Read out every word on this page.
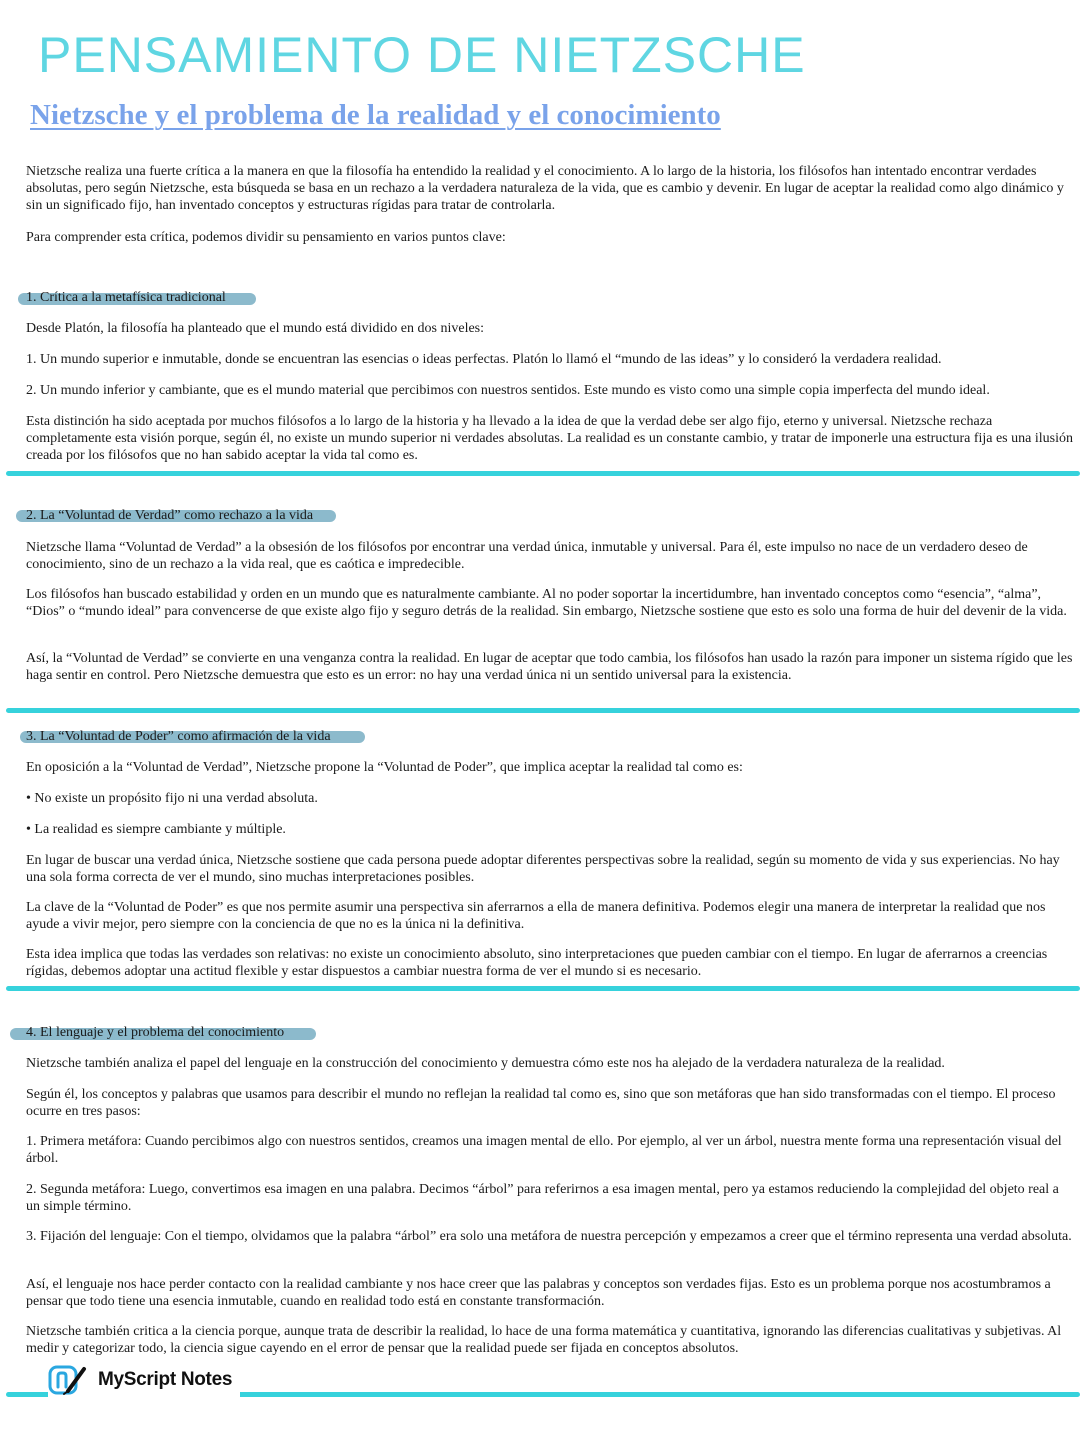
PENSAMIENTO DE NIETZSCHE
Nietzsche y el problema de la realidad y el conocimiento

Nietzsche realiza una fuerte crítica a la manera en que la filosofía ha entendido la realidad y el conocimiento. A lo largo de la historia, los filósofos han intentado encontrar verdades absolutas, pero según Nietzsche, esta búsqueda se basa en un rechazo a la verdadera naturaleza de la vida, que es cambio y devenir. En lugar de aceptar la realidad como algo dinámico y sin un significado fijo, han inventado conceptos y estructuras rígidas para tratar de controlarla.

Para comprender esta crítica, podemos dividir su pensamiento en varios puntos clave:

1. Crítica a la metafísica tradicional

Desde Platón, la filosofía ha planteado que el mundo está dividido en dos niveles:

1. Un mundo superior e inmutable, donde se encuentran las esencias o ideas perfectas. Platón lo llamó el “mundo de las ideas” y lo consideró la verdadera realidad.

2. Un mundo inferior y cambiante, que es el mundo material que percibimos con nuestros sentidos. Este mundo es visto como una simple copia imperfecta del mundo ideal.

Esta distinción ha sido aceptada por muchos filósofos a lo largo de la historia y ha llevado a la idea de que la verdad debe ser algo fijo, eterno y universal. Nietzsche rechaza completamente esta visión porque, según él, no existe un mundo superior ni verdades absolutas. La realidad es un constante cambio, y tratar de imponerle una estructura fija es una ilusión creada por los filósofos que no han sabido aceptar la vida tal como es.

2. La “Voluntad de Verdad” como rechazo a la vida

Nietzsche llama “Voluntad de Verdad” a la obsesión de los filósofos por encontrar una verdad única, inmutable y universal. Para él, este impulso no nace de un verdadero deseo de conocimiento, sino de un rechazo a la vida real, que es caótica e impredecible.

Los filósofos han buscado estabilidad y orden en un mundo que es naturalmente cambiante. Al no poder soportar la incertidumbre, han inventado conceptos como “esencia”, “alma”, “Dios” o “mundo ideal” para convencerse de que existe algo fijo y seguro detrás de la realidad. Sin embargo, Nietzsche sostiene que esto es solo una forma de huir del devenir de la vida.

Así, la “Voluntad de Verdad” se convierte en una venganza contra la realidad. En lugar de aceptar que todo cambia, los filósofos han usado la razón para imponer un sistema rígido que les haga sentir en control. Pero Nietzsche demuestra que esto es un error: no hay una verdad única ni un sentido universal para la existencia.

3. La “Voluntad de Poder” como afirmación de la vida

En oposición a la “Voluntad de Verdad”, Nietzsche propone la “Voluntad de Poder”, que implica aceptar la realidad tal como es:

• No existe un propósito fijo ni una verdad absoluta.

• La realidad es siempre cambiante y múltiple.

En lugar de buscar una verdad única, Nietzsche sostiene que cada persona puede adoptar diferentes perspectivas sobre la realidad, según su momento de vida y sus experiencias. No hay una sola forma correcta de ver el mundo, sino muchas interpretaciones posibles.

La clave de la “Voluntad de Poder” es que nos permite asumir una perspectiva sin aferrarnos a ella de manera definitiva. Podemos elegir una manera de interpretar la realidad que nos ayude a vivir mejor, pero siempre con la conciencia de que no es la única ni la definitiva.

Esta idea implica que todas las verdades son relativas: no existe un conocimiento absoluto, sino interpretaciones que pueden cambiar con el tiempo. En lugar de aferrarnos a creencias rígidas, debemos adoptar una actitud flexible y estar dispuestos a cambiar nuestra forma de ver el mundo si es necesario.

4. El lenguaje y el problema del conocimiento

Nietzsche también analiza el papel del lenguaje en la construcción del conocimiento y demuestra cómo este nos ha alejado de la verdadera naturaleza de la realidad.

Según él, los conceptos y palabras que usamos para describir el mundo no reflejan la realidad tal como es, sino que son metáforas que han sido transformadas con el tiempo. El proceso ocurre en tres pasos:

1. Primera metáfora: Cuando percibimos algo con nuestros sentidos, creamos una imagen mental de ello. Por ejemplo, al ver un árbol, nuestra mente forma una representación visual del árbol.

2. Segunda metáfora: Luego, convertimos esa imagen en una palabra. Decimos “árbol” para referirnos a esa imagen mental, pero ya estamos reduciendo la complejidad del objeto real a un simple término.

3. Fijación del lenguaje: Con el tiempo, olvidamos que la palabra “árbol” era solo una metáfora de nuestra percepción y empezamos a creer que el término representa una verdad absoluta.

Así, el lenguaje nos hace perder contacto con la realidad cambiante y nos hace creer que las palabras y conceptos son verdades fijas. Esto es un problema porque nos acostumbramos a pensar que todo tiene una esencia inmutable, cuando en realidad todo está en constante transformación.

Nietzsche también critica a la ciencia porque, aunque trata de describir la realidad, lo hace de una forma matemática y cuantitativa, ignorando las diferencias cualitativas y subjetivas. Al medir y categorizar todo, la ciencia sigue cayendo en el error de pensar que la realidad puede ser fijada en conceptos absolutos.

MyScript Notes
